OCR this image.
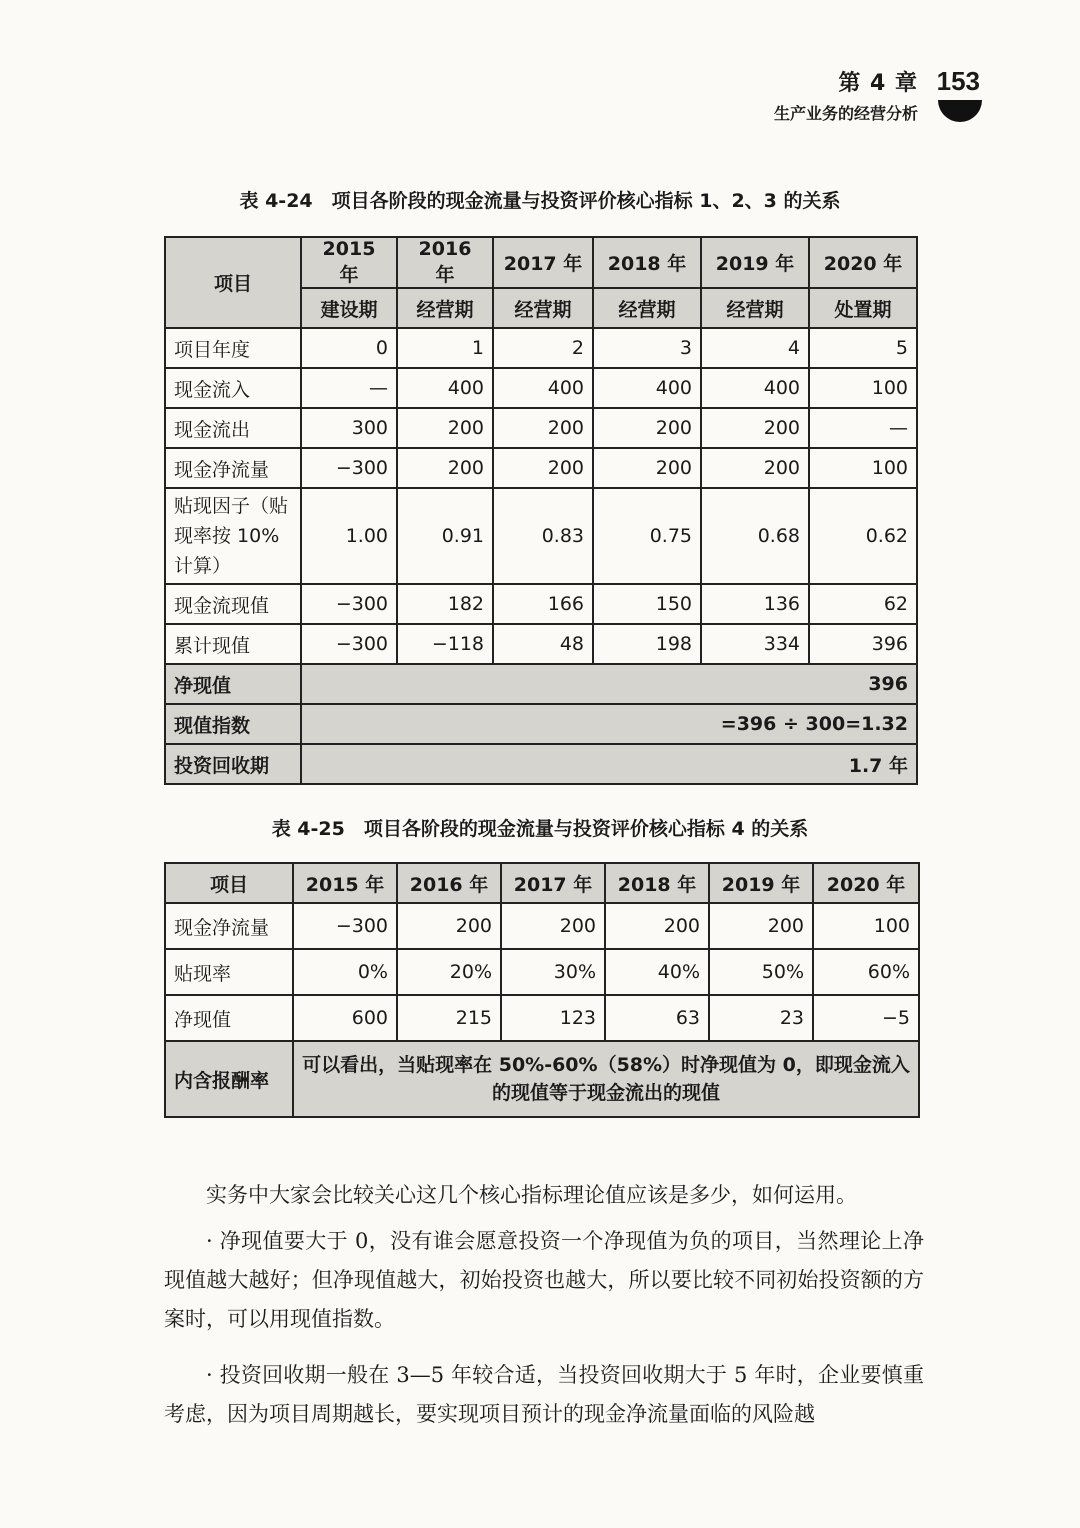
第 4 章
生产业务的经营分析
153
表 4-24　项目各阶段的现金流量与投资评价核心指标 1、2、3 的关系
项目	2015 年	2016 年	2017 年	2018 年	2019 年	2020 年
	建设期	经营期	经营期	经营期	经营期	处置期
项目年度	0	1	2	3	4	5
现金流入	—	400	400	400	400	100
现金流出	300	200	200	200	200	—
现金净流量	−300	200	200	200	200	100
贴现因子（贴现率按 10%计算）	1.00	0.91	0.83	0.75	0.68	0.62
现金流现值	−300	182	166	150	136	62
累计现值	−300	−118	48	198	334	396
净现值	396					
现值指数	=396 ÷ 300=1.32					
投资回收期	1.7 年					
表 4-25　项目各阶段的现金流量与投资评价核心指标 4 的关系
项目	2015 年	2016 年	2017 年	2018 年	2019 年	2020 年
现金净流量	−300	200	200	200	200	100
贴现率	0%	20%	30%	40%	50%	60%
净现值	600	215	123	63	23	−5
内含报酬率	可以看出，当贴现率在 50%-60%（58%）时净现值为 0，即现金流入的现值等于现金流出的现值					
实务中大家会比较关心这几个核心指标理论值应该是多少，如何运用。
· 净现值要大于 0，没有谁会愿意投资一个净现值为负的项目，当然理论上净现值越大越好；但净现值越大，初始投资也越大，所以要比较不同初始投资额的方案时，可以用现值指数。
· 投资回收期一般在 3—5 年较合适，当投资回收期大于 5 年时，企业要慎重考虑，因为项目周期越长，要实现项目预计的现金净流量面临的风险越
